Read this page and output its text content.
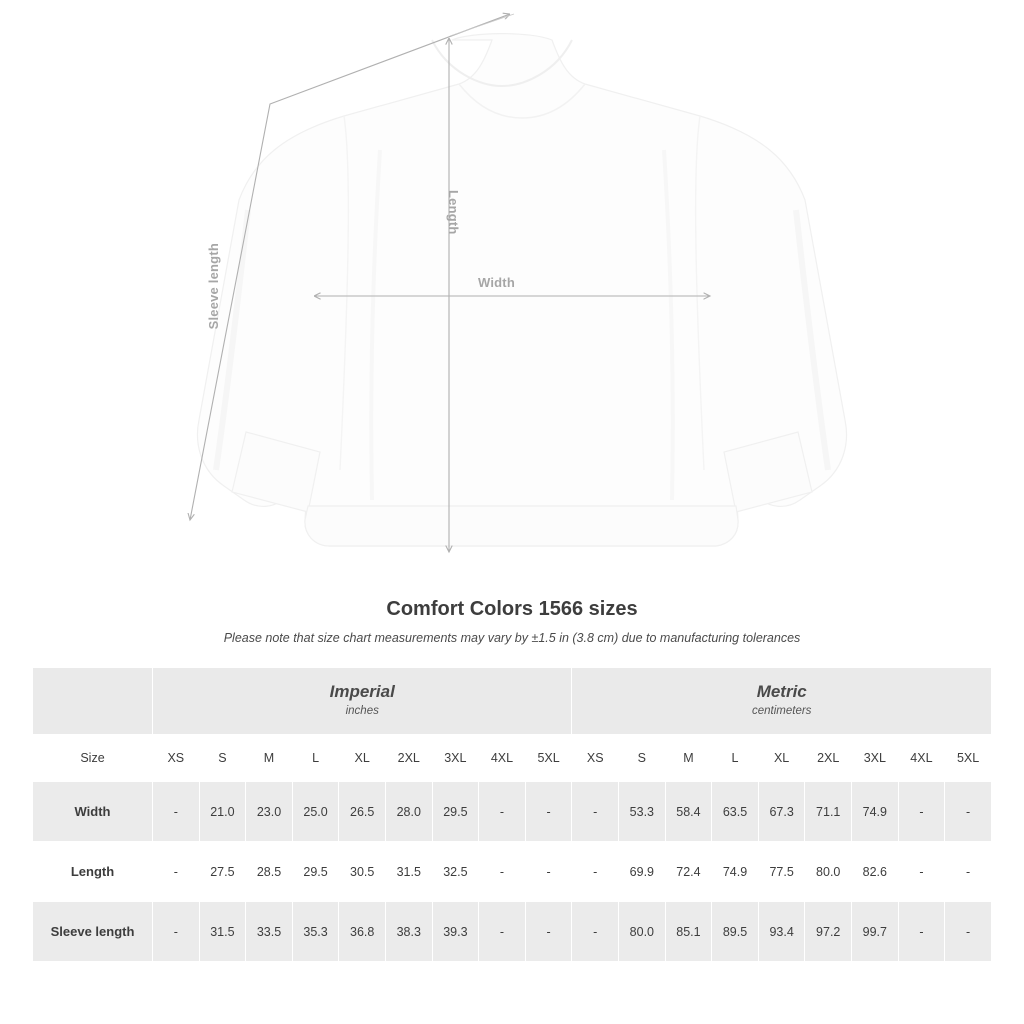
Length
Width
Sleeve length
Comfort Colors 1566 sizes
Please note that size chart measurements may vary by ±1.5 in (3.8 cm) due to manufacturing tolerances

	Imperial
inches									Metric
centimeters								

Size	XS	S	M	L	XL	2XL	3XL	4XL	5XL	XS	S	M	L	XL	2XL	3XL	4XL	5XL
Width	-	21.0	23.0	25.0	26.5	28.0	29.5	-	-	-	53.3	58.4	63.5	67.3	71.1	74.9	-	-
Length	-	27.5	28.5	29.5	30.5	31.5	32.5	-	-	-	69.9	72.4	74.9	77.5	80.0	82.6	-	-
Sleeve length	-	31.5	33.5	35.3	36.8	38.3	39.3	-	-	-	80.0	85.1	89.5	93.4	97.2	99.7	-	-
